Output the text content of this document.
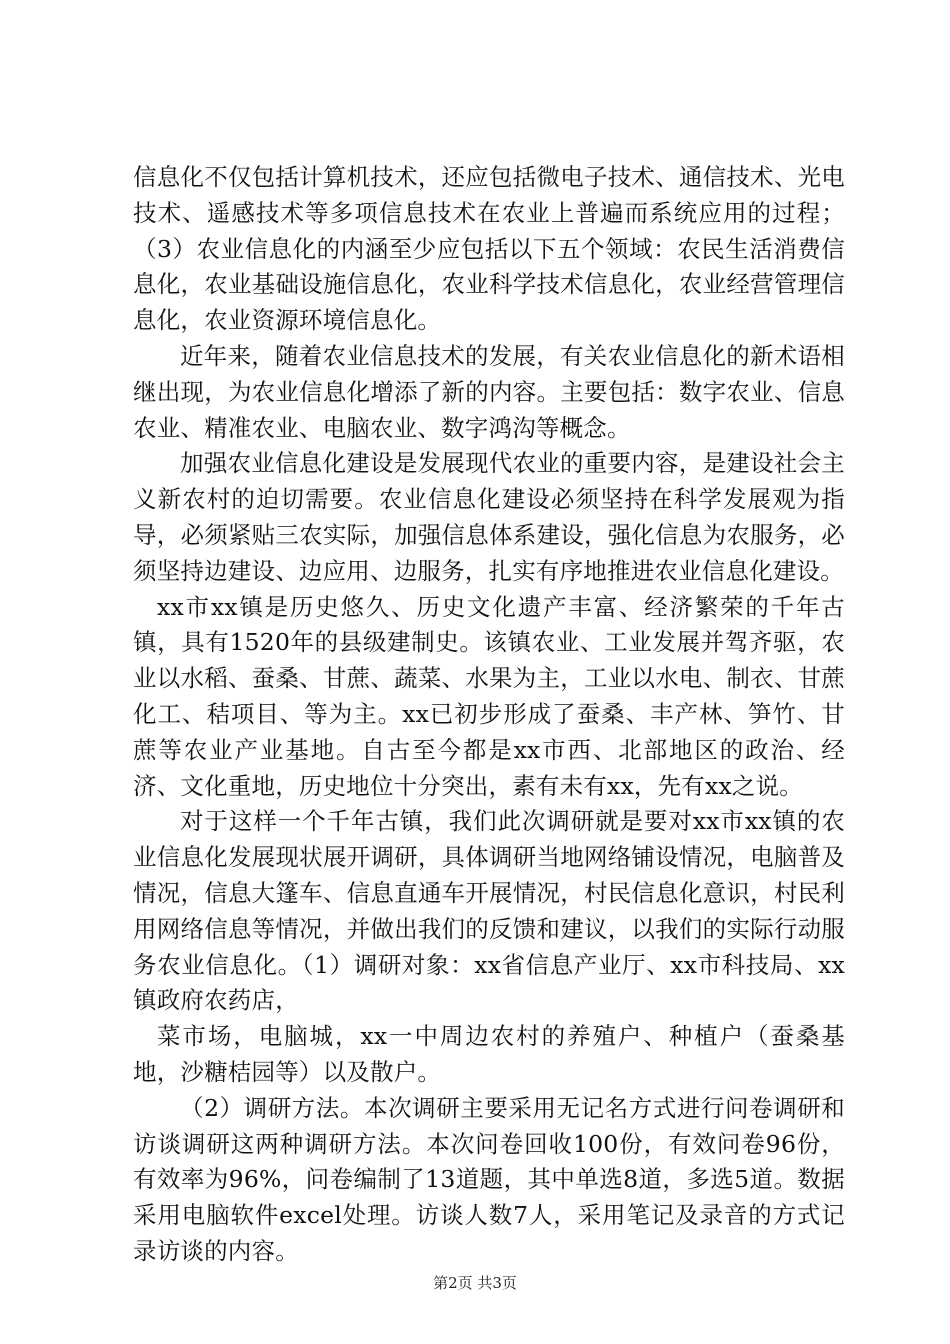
信息化不仅包括计算机技术，还应包括微电子技术、通信技术、光电技术、遥感技术等多项信息技术在农业上普遍而系统应用的过程；（3）农业信息化的内涵至少应包括以下五个领域：农民生活消费信息化，农业基础设施信息化，农业科学技术信息化，农业经营管理信息化，农业资源环境信息化。

近年来，随着农业信息技术的发展，有关农业信息化的新术语相继出现，为农业信息化增添了新的内容。主要包括：数字农业、信息农业、精准农业、电脑农业、数字鸿沟等概念。

加强农业信息化建设是发展现代农业的重要内容，是建设社会主义新农村的迫切需要。农业信息化建设必须坚持在科学发展观为指导，必须紧贴三农实际，加强信息体系建设，强化信息为农服务，必须坚持边建设、边应用、边服务，扎实有序地推进农业信息化建设。

xx市xx镇是历史悠久、历史文化遗产丰富、经济繁荣的千年古镇，具有1520年的县级建制史。该镇农业、工业发展并驾齐驱，农业以水稻、蚕桑、甘蔗、蔬菜、水果为主，工业以水电、制衣、甘蔗化工、秸项目、等为主。xx已初步形成了蚕桑、丰产林、笋竹、甘蔗等农业产业基地。自古至今都是xx市西、北部地区的政治、经济、文化重地，历史地位十分突出，素有未有xx，先有xx之说。

对于这样一个千年古镇，我们此次调研就是要对xx市xx镇的农业信息化发展现状展开调研，具体调研当地网络铺设情况，电脑普及情况，信息大篷车、信息直通车开展情况，村民信息化意识，村民利用网络信息等情况，并做出我们的反馈和建议，以我们的实际行动服务农业信息化。（1）调研对象：xx省信息产业厅、xx市科技局、xx镇政府农药店，

菜市场，电脑城，xx一中周边农村的养殖户、种植户（蚕桑基地，沙糖桔园等）以及散户。

（2）调研方法。本次调研主要采用无记名方式进行问卷调研和访谈调研这两种调研方法。本次问卷回收100份，有效问卷96份，有效率为96%，问卷编制了13道题，其中单选8道，多选5道。数据采用电脑软件excel处理。访谈人数7人，采用笔记及录音的方式记录访谈的内容。

第2页 共3页
